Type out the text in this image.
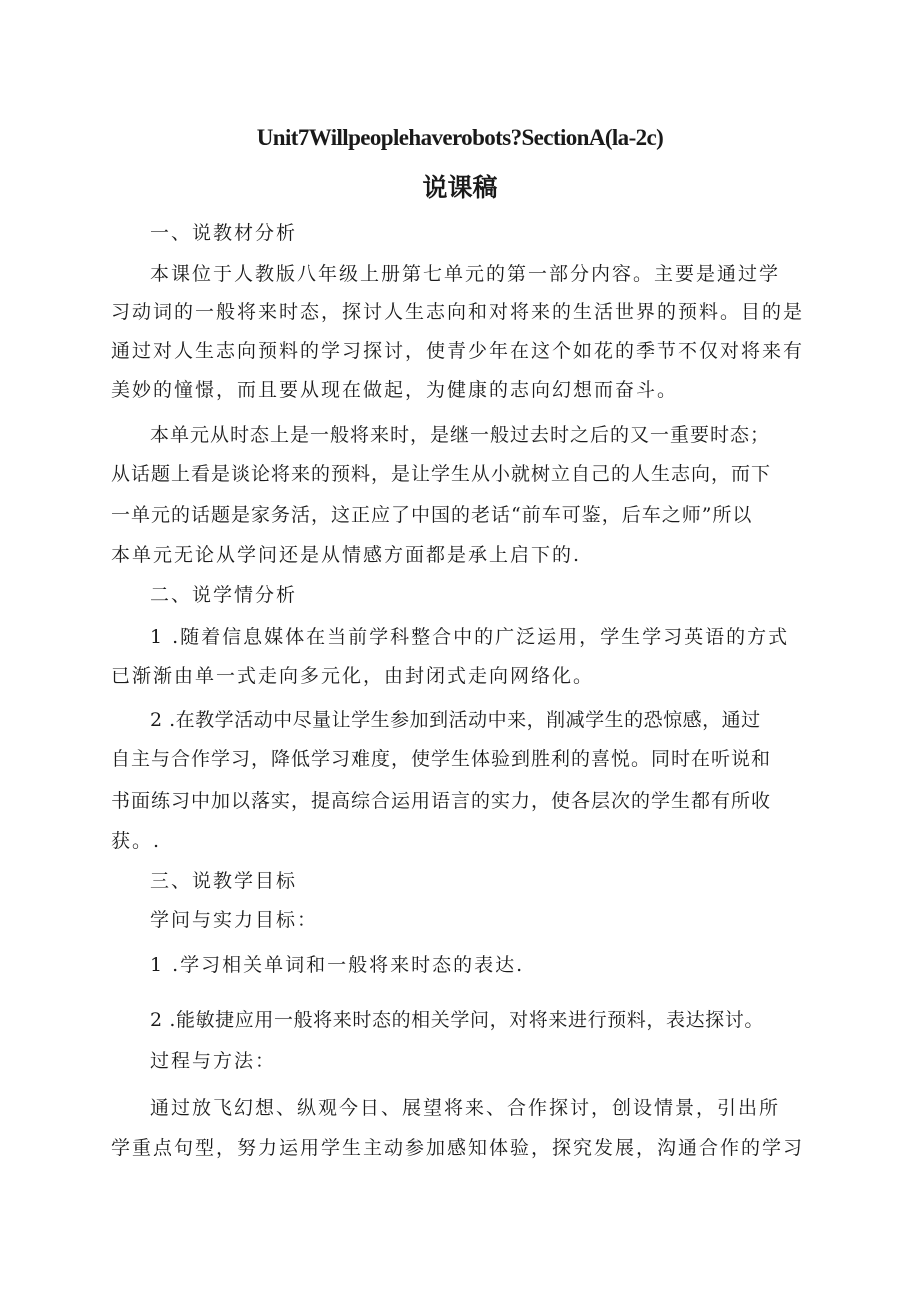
Unit7Willpeoplehaverobots?SectionA(la-2c)
说课稿

一、说教材分析

本课位于人教版八年级上册第七单元的第一部分内容。主要是通过学

习动词的一般将来时态，探讨人生志向和对将来的生活世界的预料。目的是

通过对人生志向预料的学习探讨，使青少年在这个如花的季节不仅对将来有

美妙的憧憬，而且要从现在做起，为健康的志向幻想而奋斗。

本单元从时态上是一般将来时，是继一般过去时之后的又一重要时态；

从话题上看是谈论将来的预料，是让学生从小就树立自己的人生志向，而下

一单元的话题是家务活，这正应了中国的老话“前车可鉴，后车之师”所以

本单元无论从学问还是从情感方面都是承上启下的.

二、说学情分析

1 .随着信息媒体在当前学科整合中的广泛运用，学生学习英语的方式

已渐渐由单一式走向多元化，由封闭式走向网络化。

2 .在教学活动中尽量让学生参加到活动中来，削减学生的恐惊感，通过

自主与合作学习，降低学习难度，使学生体验到胜利的喜悦。同时在听说和

书面练习中加以落实，提高综合运用语言的实力，使各层次的学生都有所收

获。.

三、说教学目标

学问与实力目标：

1 .学习相关单词和一般将来时态的表达.

2 .能敏捷应用一般将来时态的相关学问，对将来进行预料，表达探讨。

过程与方法：

通过放飞幻想、纵观今日、展望将来、合作探讨，创设情景，引出所

学重点句型，努力运用学生主动参加感知体验，探究发展，沟通合作的学习
